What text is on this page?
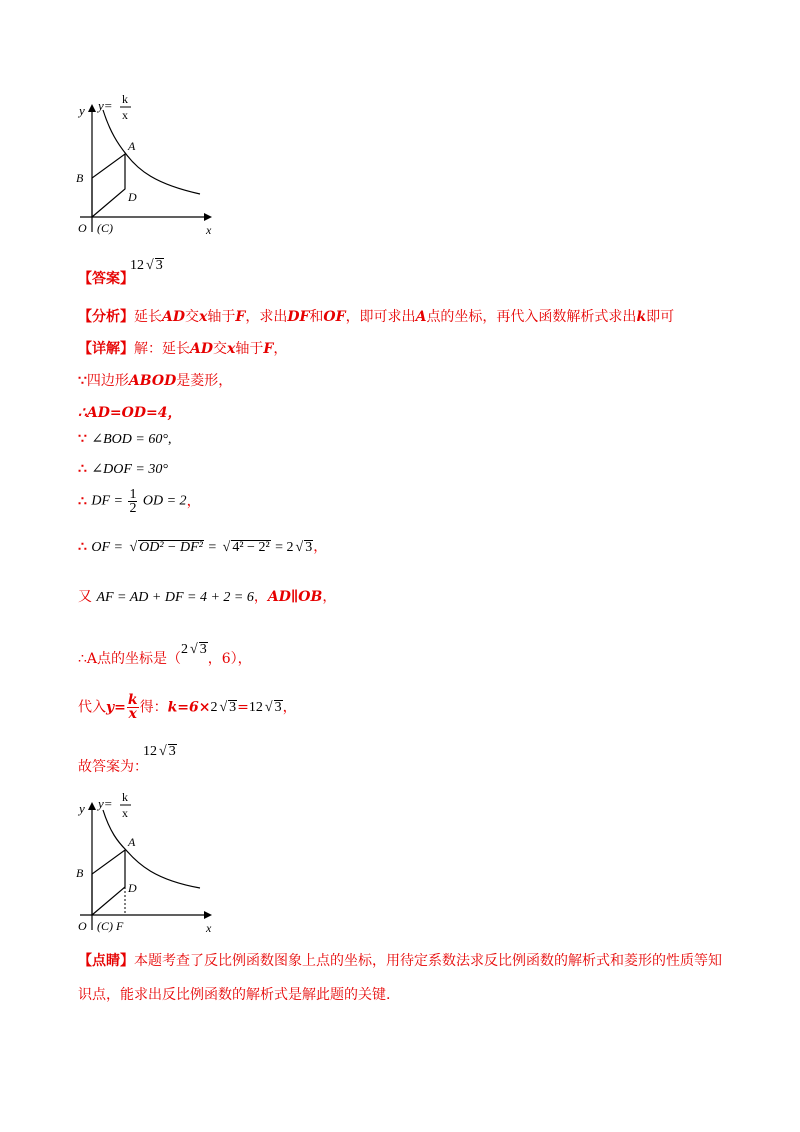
y y= k
x
A
B
D
O (C)	x
【答案】
12 √ 3
【分析】延长AD交x轴于F，求出DF和OF，即可求出A点的坐标，再代入函数解析式求出k即可
【详解】解：延长AD交x轴于F，
∵四边形ABOD是菱形，
∴AD=OD=4，
∵ ∠BOD = 60°,
∴ ∠DOF = 30°
∴ DF = $\frac{1}{2}$ OD = 2，
∴ OF = √ OD² − DF² = √ 4² − 2² = 2 √ 3，
又 AF = AD + DF = 4 + 2 = 6，AD∥OB，
∴A点的坐标是（2 √ 3，6），
代入$y= \frac{k}{x}$ 得：k=6×2 √ 3=12 √ 3，
故答案为：
12 √ 3
y y= k
x
A
B
D
O (C) F	x
【点睛】本题考查了反比例函数图象上点的坐标，用待定系数法求反比例函数的解析式和菱形的性质等知
识点，能求出反比例函数的解析式是解此题的关键.
